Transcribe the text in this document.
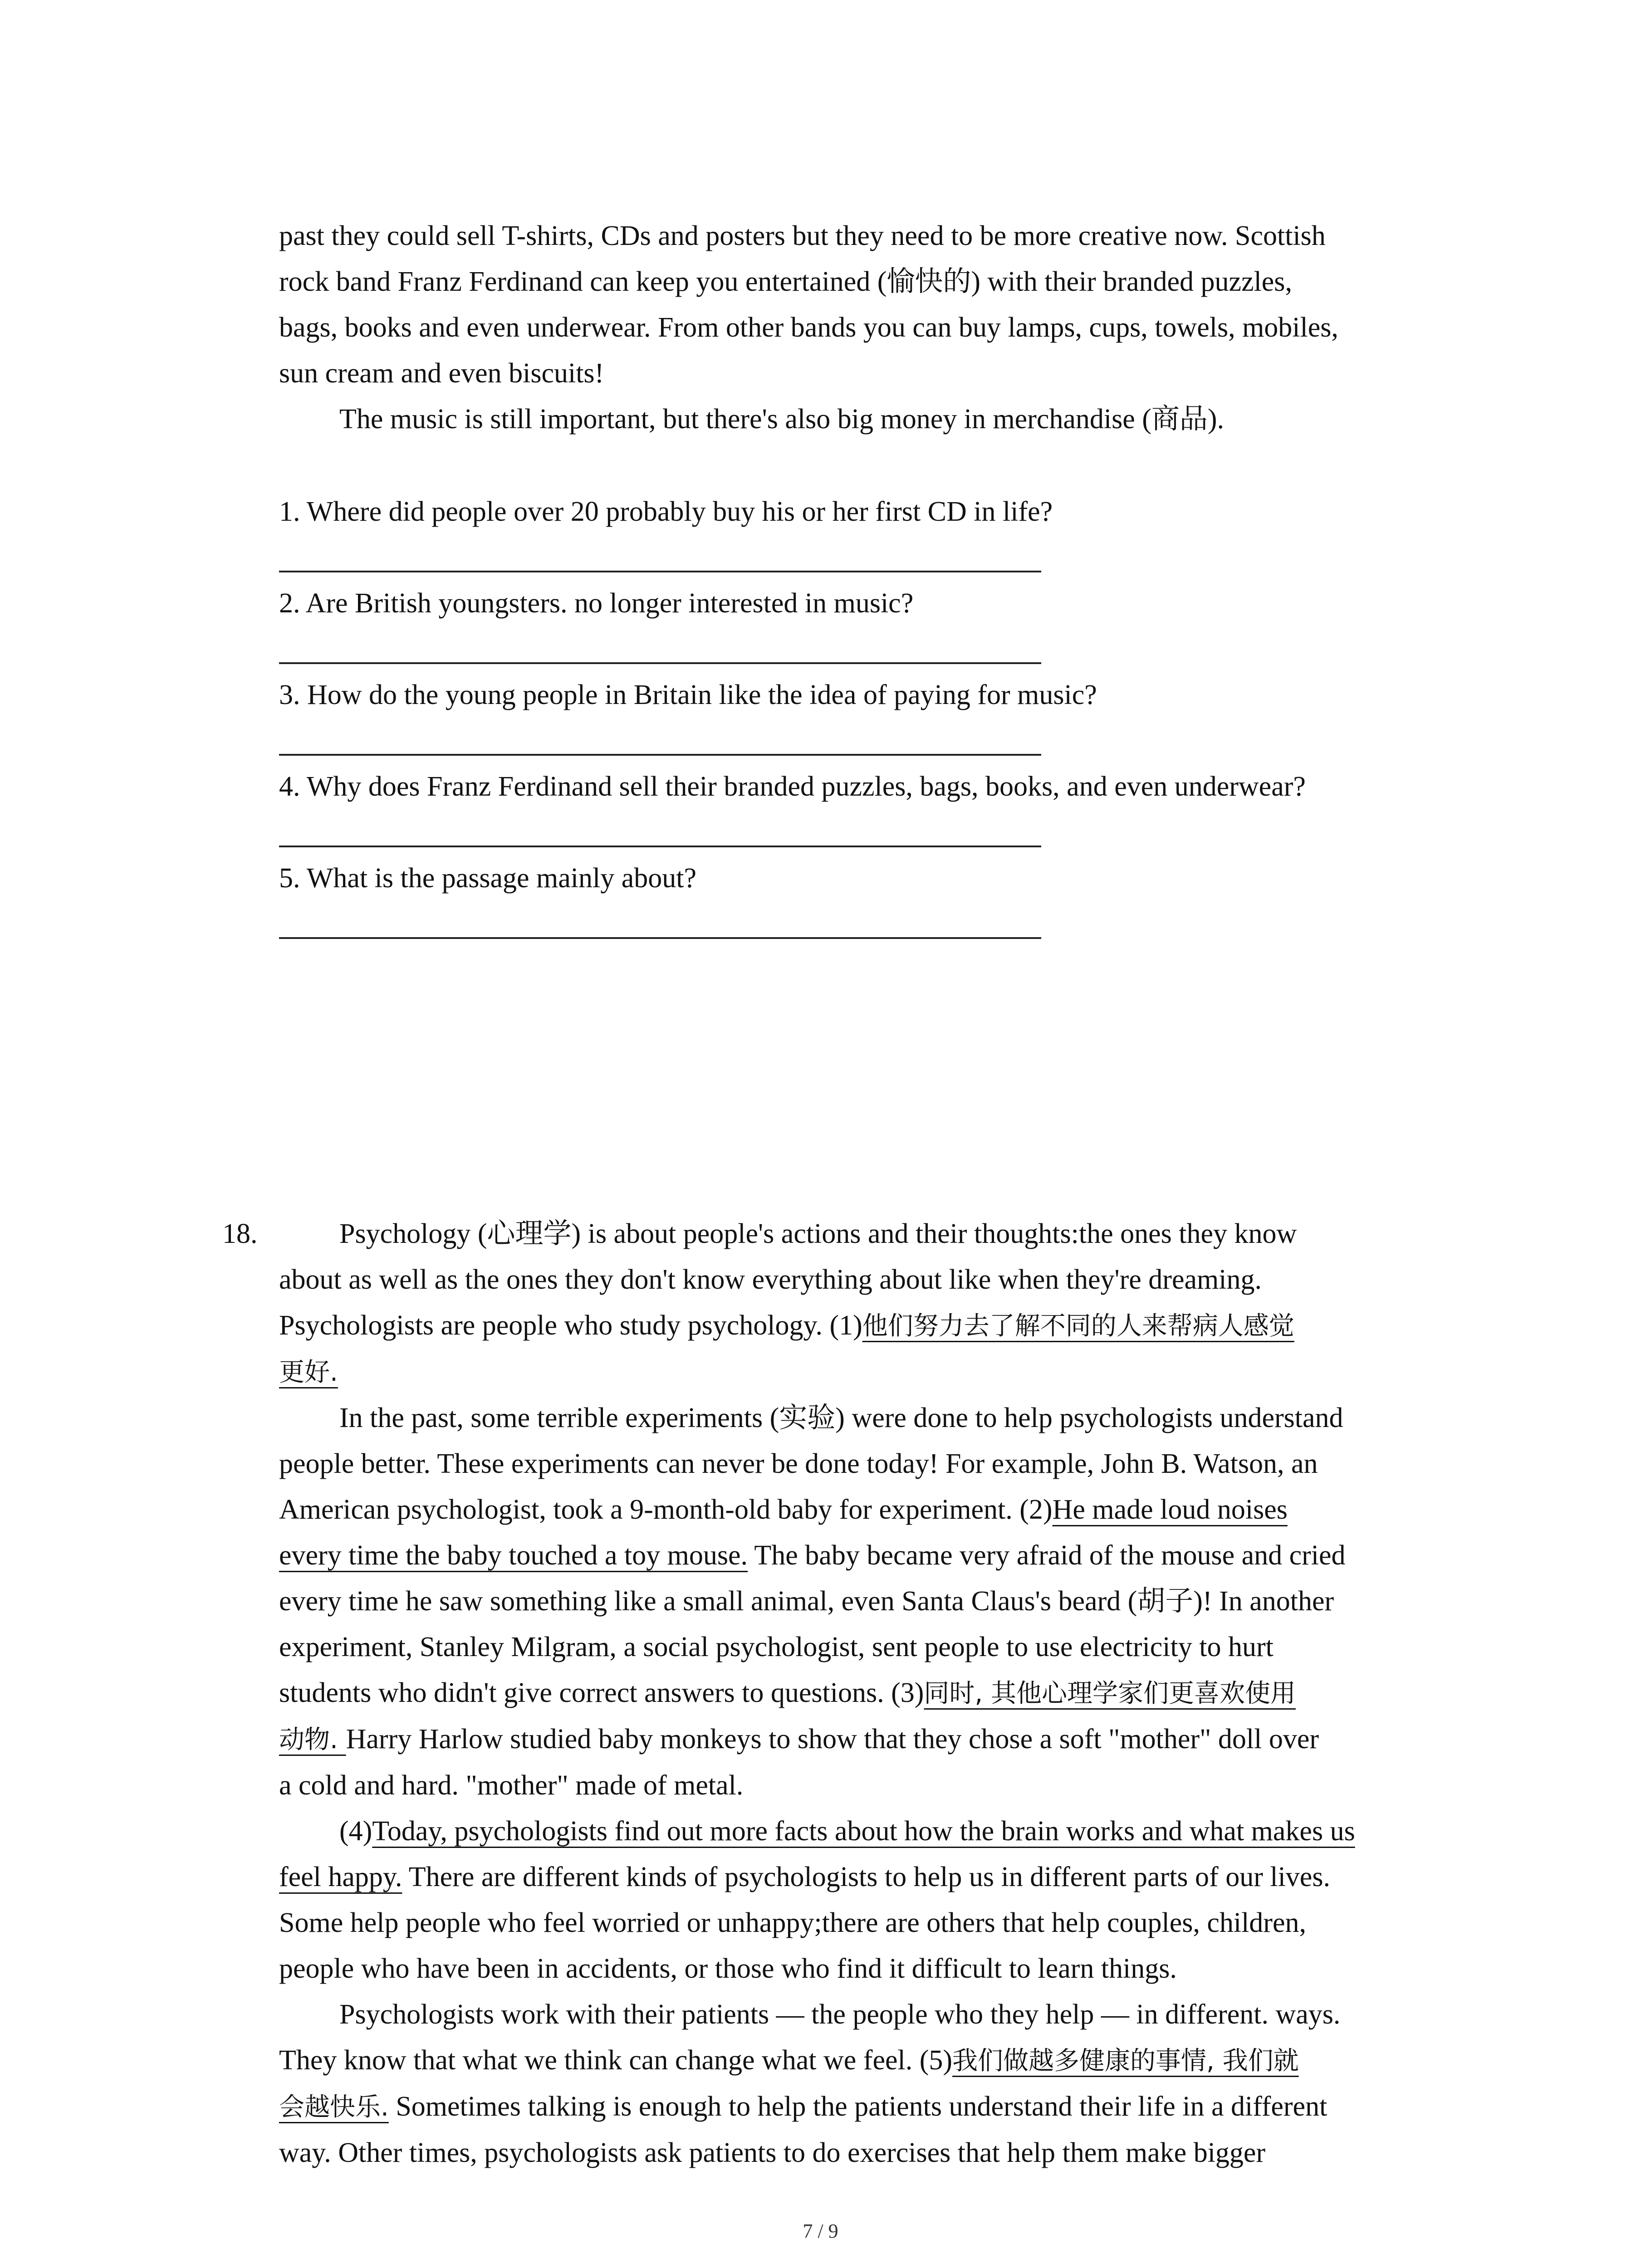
past they could sell T-shirts, CDs and posters but they need to be more creative now. Scottish
rock band Franz Ferdinand can keep you entertained (愉快的) with their branded puzzles,
bags, books and even underwear. From other bands you can buy lamps, cups, towels, mobiles,
sun cream and even biscuits!
The music is still important, but there's also big money in merchandise (商品).
1. Where did people over 20 probably buy his or her first CD in life?
2. Are British youngsters. no longer interested in music?
3. How do the young people in Britain like the idea of paying for music?
4. Why does Franz Ferdinand sell their branded puzzles, bags, books, and even underwear?
5. What is the passage mainly about?
18.	Psychology (心理学) is about people's actions and their thoughts:the ones they know
about as well as the ones they don't know everything about like when they're dreaming.
Psychologists are people who study psychology. (1)他们努力去了解不同的人来帮病人感觉
更好.
In the past, some terrible experiments (实验) were done to help psychologists understand
people better. These experiments can never be done today! For example, John B. Watson, an
American psychologist, took a 9-month-old baby for experiment. (2)He made loud noises
every time the baby touched a toy mouse. The baby became very afraid of the mouse and cried
every time he saw something like a small animal, even Santa Claus's beard (胡子)! In another
experiment, Stanley Milgram, a social psychologist, sent people to use electricity to hurt
students who didn't give correct answers to questions. (3)同时, 其他心理学家们更喜欢使用
动物. Harry Harlow studied baby monkeys to show that they chose a soft "mother" doll over
a cold and hard. "mother" made of metal.
(4)Today, psychologists find out more facts about how the brain works and what makes us
feel happy. There are different kinds of psychologists to help us in different parts of our lives.
Some help people who feel worried or unhappy;there are others that help couples, children,
people who have been in accidents, or those who find it difficult to learn things.
Psychologists work with their patients — the people who they help — in different. ways.
They know that what we think can change what we feel. (5)我们做越多健康的事情, 我们就
会越快乐. Sometimes talking is enough to help the patients understand their life in a different
way. Other times, psychologists ask patients to do exercises that help them make bigger
7 / 9
